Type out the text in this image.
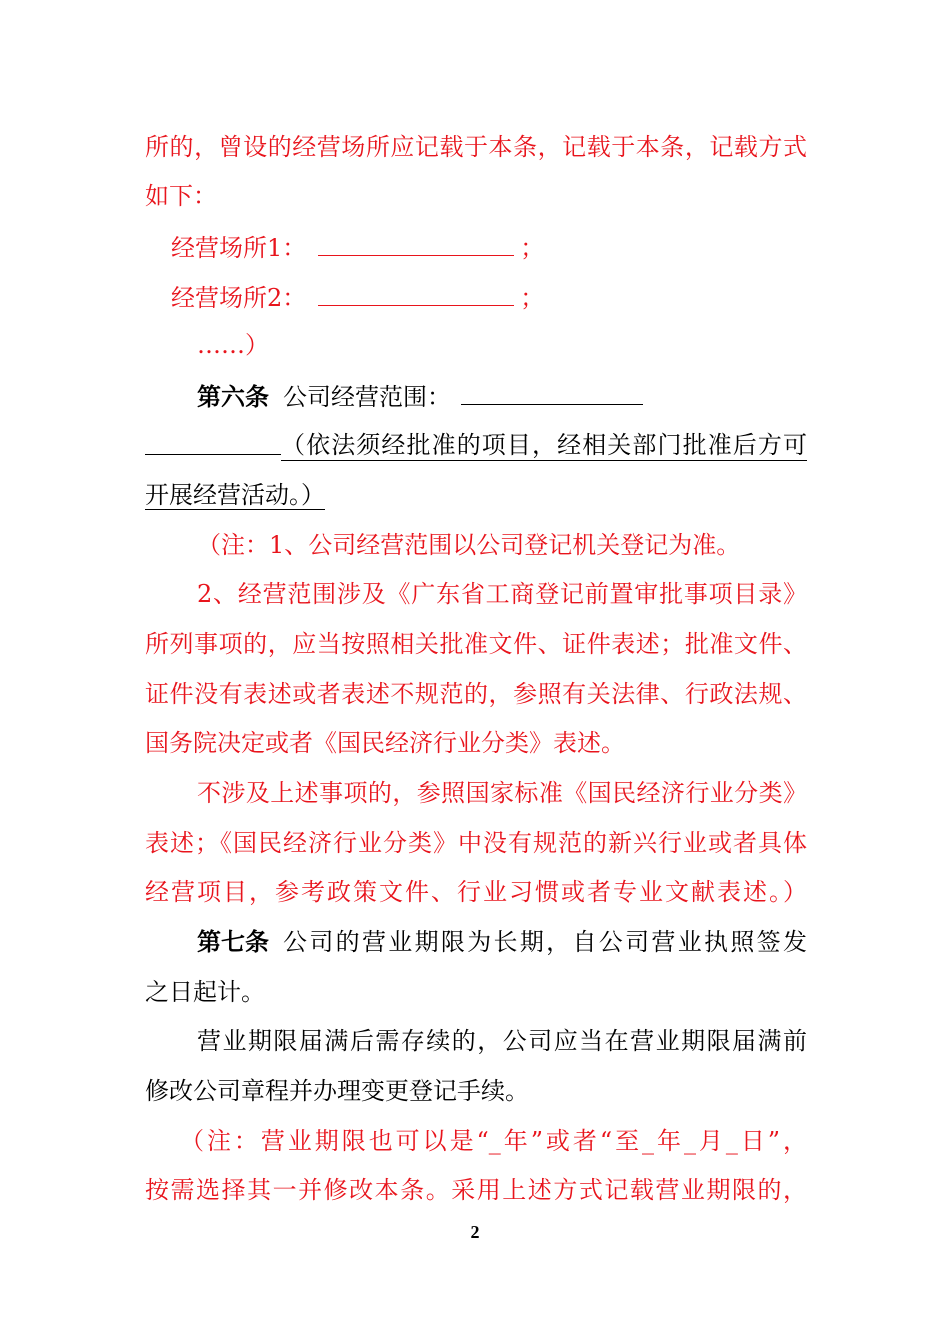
所的，曾设的经营场所应记载于本条，记载于本条，记载方式
如下：
经营场所1：	；
经营场所2：	；
……）
第六条 公司经营范围：
（依法须经批准的项目，经相关部门批准后方可
开展经营活动。）
（注：1、公司经营范围以公司登记机关登记为准。
2、经营范围涉及《广东省工商登记前置审批事项目录》
所列事项的，应当按照相关批准文件、证件表述；批准文件、
证件没有表述或者表述不规范的，参照有关法律、行政法规、
国务院决定或者《国民经济行业分类》表述。
不涉及上述事项的，参照国家标准《国民经济行业分类》
表述；《国民经济行业分类》中没有规范的新兴行业或者具体
经营项目，参考政策文件、行业习惯或者专业文献表述。）
第七条 公司的营业期限为长期，自公司营业执照签发
之日起计。
营业期限届满后需存续的，公司应当在营业期限届满前
修改公司章程并办理变更登记手续。
（注：营业期限也可以是“_年”或者“至_年_月_日”，
按需选择其一并修改本条。采用上述方式记载营业期限的，
2
